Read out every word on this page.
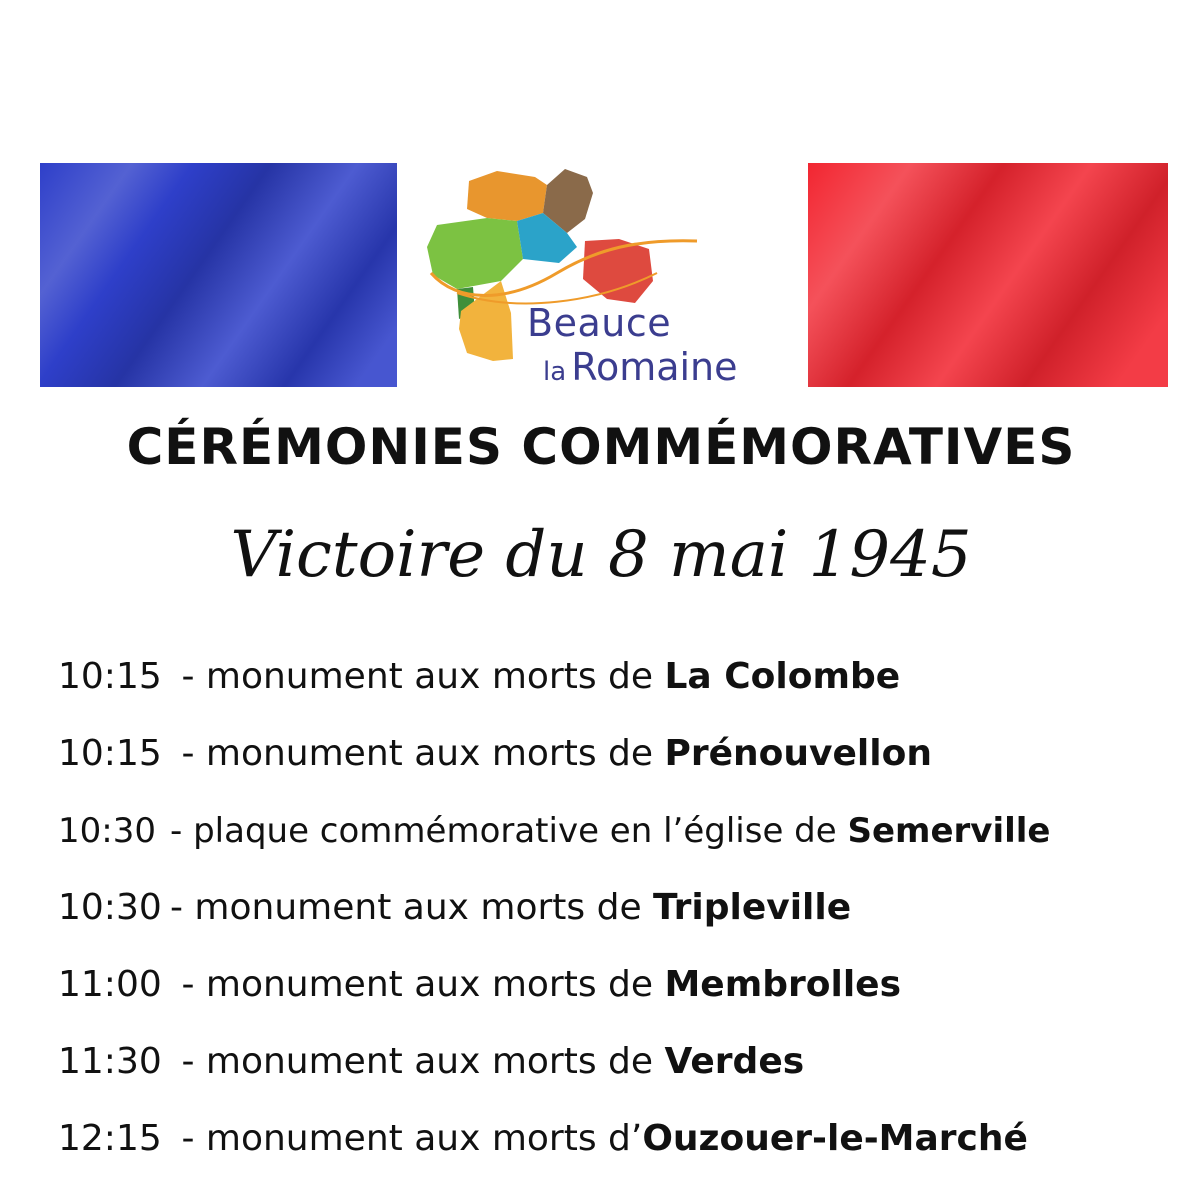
Beauce
la Romaine
CÉRÉMONIES COMMÉMORATIVES
Victoire du 8 mai 1945
10:15 - monument aux morts de La Colombe
10:15 - monument aux morts de Prénouvellon
10:30 - plaque commémorative en l’église de Semerville
10:30 - monument aux morts de Tripleville
11:00 - monument aux morts de Membrolles
11:30 - monument aux morts de Verdes
12:15 - monument aux morts d’Ouzouer-le-Marché
